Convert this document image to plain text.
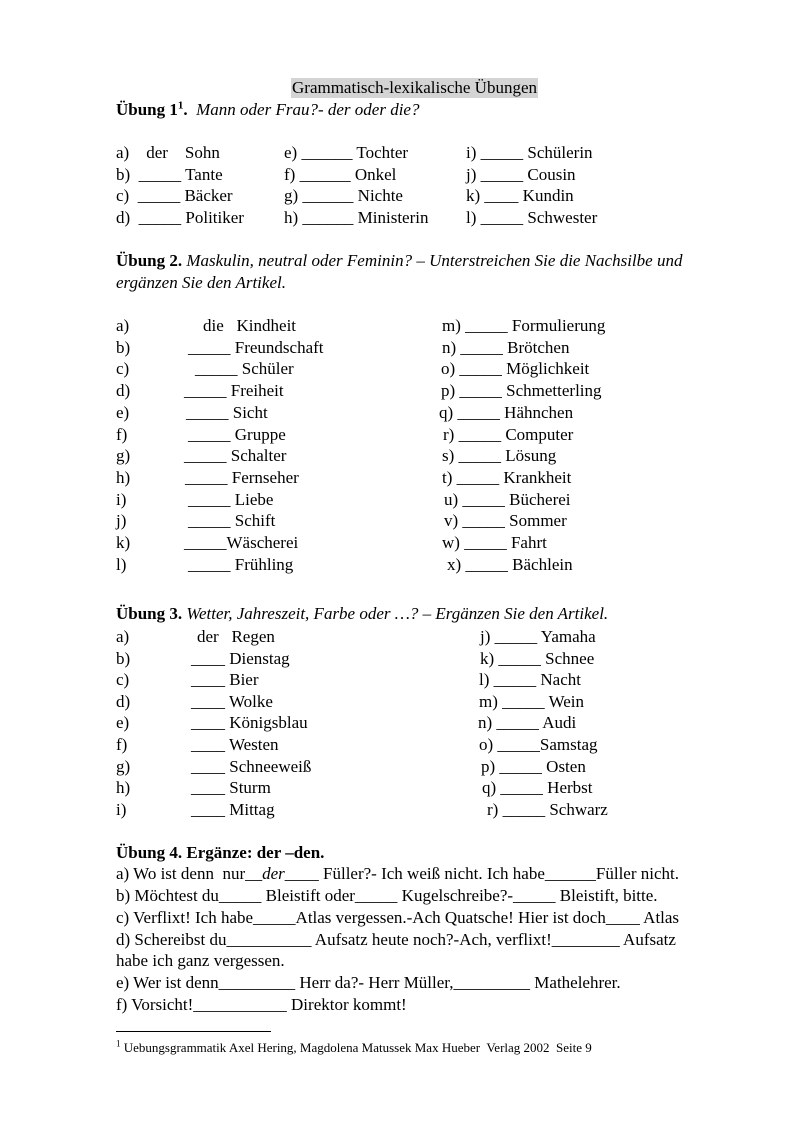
Grammatisch-lexikalische Übungen
Übung $1^1$. Mann oder Frau?- der oder die?
a)    der    Sohn
b)  _____ Tante
c)  _____ Bäcker
d)  _____ Politiker
e) ______ Tochter
f) ______ Onkel
g) ______ Nichte
h) ______ Ministerin
i) _____ Schülerin
j) _____ Cousin
k) ____ Kundin
l) _____ Schwester
Übung 2. Maskulin, neutral oder Feminin? – Unterstreichen Sie die Nachsilbe und
ergänzen Sie den Artikel.
a)
b)
c)
d)
e)
f)
g)
h)
i)
j)
k)
l)
die   Kindheit
_____ Freundschaft
_____ Schüler
_____ Freiheit
_____ Sicht
_____ Gruppe
_____ Schalter
_____ Fernseher
_____ Liebe
_____ Schift
_____Wäscherei
_____ Frühling
m) _____ Formulierung
n) _____ Brötchen
o) _____ Möglichkeit
p) _____ Schmetterling
q) _____ Hähnchen
r) _____ Computer
s) _____ Lösung
t) _____ Krankheit
u) _____ Bücherei
v) _____ Sommer
w) _____ Fahrt
x) _____ Bächlein
Übung 3. Wetter, Jahreszeit, Farbe oder …? – Ergänzen Sie den Artikel.
a)
b)
c)
d)
e)
f)
g)
h)
i)
der   Regen
____ Dienstag
____ Bier
____ Wolke
____ Königsblau
____ Westen
____ Schneeweiß
____ Sturm
____ Mittag
j) _____ Yamaha
k) _____ Schnee
l) _____ Nacht
m) _____ Wein
n) _____ Audi
o) _____Samstag
p) _____ Osten
q) _____ Herbst
r) _____ Schwarz
Übung 4. Ergänze: der –den.
a) Wo ist denn  nur__der____ Füller?- Ich weiß nicht. Ich habe______Füller nicht.
b) Möchtest du_____ Bleistift oder_____ Kugelschreibe?-_____ Bleistift, bitte.
c) Verflixt! Ich habe_____Atlas vergessen.-Ach Quatsche! Hier ist doch____ Atlas
d) Schereibst du__________ Aufsatz heute noch?-Ach, verflixt!________ Aufsatz
habe ich ganz vergessen.
e) Wer ist denn_________ Herr da?- Herr Müller,_________ Mathelehrer.
f) Vorsicht!___________ Direktor kommt!
$^1$ Uebungsgrammatik Axel Hering, Magdolena Matussek Max Hueber  Verlag 2002  Seite 9
